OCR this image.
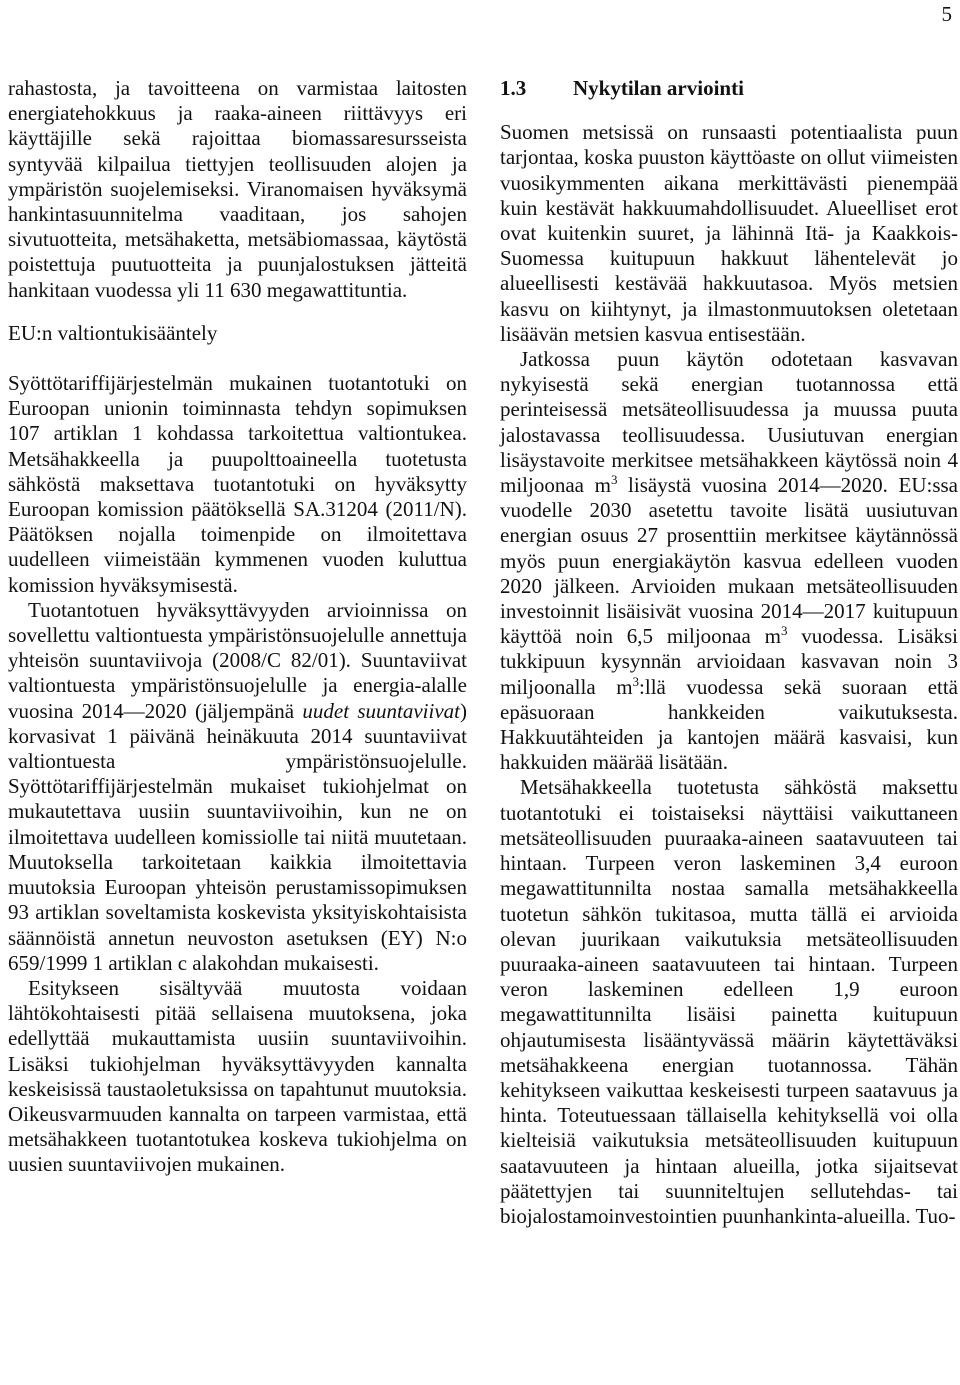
5

rahastosta, ja tavoitteena on varmistaa laitosten energiatehokkuus ja raaka-aineen riittävyys eri käyttäjille sekä rajoittaa biomassaresursseista syntyvää kilpailua tiettyjen teollisuuden alojen ja ympäristön suojelemiseksi. Viranomaisen hyväksymä hankintasuunnitelma vaaditaan, jos sahojen sivutuotteita, metsähaketta, metsäbiomassaa, käytöstä poistettuja puutuotteita ja puunjalostuksen jätteitä hankitaan vuodessa yli 11 630 megawattituntia.

EU:n valtiontukisääntely

Syöttötariffijärjestelmän mukainen tuotantotuki on Euroopan unionin toiminnasta tehdyn sopimuksen 107 artiklan 1 kohdassa tarkoitettua valtiontukea. Metsähakkeella ja puupolttoaineella tuotetusta sähköstä maksettava tuotantotuki on hyväksytty Euroopan komission päätöksellä SA.31204 (2011/N). Päätöksen nojalla toimenpide on ilmoitettava uudelleen viimeistään kymmenen vuoden kuluttua komission hyväksymisestä.

Tuotantotuen hyväksyttävyyden arvioinnissa on sovellettu valtiontuesta ympäristönsuojelulle annettuja yhteisön suuntaviivoja (2008/C 82/01). Suuntaviivat valtiontuesta ympäristönsuojelulle ja energia-alalle vuosina 2014—2020 (jäljempänä uudet suuntaviivat) korvasivat 1 päivänä heinäkuuta 2014 suuntaviivat valtiontuesta ympäristönsuojelulle. Syöttötariffijärjestelmän mukaiset tukiohjelmat on mukautettava uusiin suuntaviivoihin, kun ne on ilmoitettava uudelleen komissiolle tai niitä muutetaan. Muutoksella tarkoitetaan kaikkia ilmoitettavia muutoksia Euroopan yhteisön perustamissopimuksen 93 artiklan soveltamista koskevista yksityiskohtaisista säännöistä annetun neuvoston asetuksen (EY) N:o 659/1999 1 artiklan c alakohdan mukaisesti.

Esitykseen sisältyvää muutosta voidaan lähtökohtaisesti pitää sellaisena muutoksena, joka edellyttää mukauttamista uusiin suuntaviivoihin. Lisäksi tukiohjelman hyväksyttävyyden kannalta keskeisissä taustaoletuksissa on tapahtunut muutoksia. Oikeusvarmuuden kannalta on tarpeen varmistaa, että metsähakkeen tuotantotukea koskeva tukiohjelma on uusien suuntaviivojen mukainen.

1.3 Nykytilan arviointi

Suomen metsissä on runsaasti potentiaalista puun tarjontaa, koska puuston käyttöaste on ollut viimeisten vuosikymmenten aikana merkittävästi pienempää kuin kestävät hakkuumahdollisuudet. Alueelliset erot ovat kuitenkin suuret, ja lähinnä Itä- ja Kaakkois-Suomessa kuitupuun hakkuut lähentelevät jo alueellisesti kestävää hakkuutasoa. Myös metsien kasvu on kiihtynyt, ja ilmastonmuutoksen oletetaan lisäävän metsien kasvua entisestään.

Jatkossa puun käytön odotetaan kasvavan nykyisestä sekä energian tuotannossa että perinteisessä metsäteollisuudessa ja muussa puuta jalostavassa teollisuudessa. Uusiutuvan energian lisäystavoite merkitsee metsähakkeen käytössä noin 4 miljoonaa $m^3$ lisäystä vuosina 2014—2020. EU:ssa vuodelle 2030 asetettu tavoite lisätä uusiutuvan energian osuus 27 prosenttiin merkitsee käytännössä myös puun energiakäytön kasvua edelleen vuoden 2020 jälkeen. Arvioiden mukaan metsäteollisuuden investoinnit lisäisivät vuosina 2014—2017 kuitupuun käyttöä noin 6,5 miljoonaa $m^3$ vuodessa. Lisäksi tukkipuun kysynnän arvioidaan kasvavan noin 3 miljoonalla $m^3:llä$ vuodessa sekä suoraan että epäsuoraan hankkeiden vaikutuksesta. Hakkuutähteiden ja kantojen määrä kasvaisi, kun hakkuiden määrää lisätään.

Metsähakkeella tuotetusta sähköstä maksettu tuotantotuki ei toistaiseksi näyttäisi vaikuttaneen metsäteollisuuden puuraaka-aineen saatavuuteen tai hintaan. Turpeen veron laskeminen 3,4 euroon megawattitunnilta nostaa samalla metsähakkeella tuotetun sähkön tukitasoa, mutta tällä ei arvioida olevan juurikaan vaikutuksia metsäteollisuuden puuraaka-aineen saatavuuteen tai hintaan. Turpeen veron laskeminen edelleen 1,9 euroon megawattitunnilta lisäisi painetta kuitupuun ohjautumisesta lisääntyvässä määrin käytettäväksi metsähakkeena energian tuotannossa. Tähän kehitykseen vaikuttaa keskeisesti turpeen saatavuus ja hinta. Toteutuessaan tällaisella kehityksellä voi olla kielteisiä vaikutuksia metsäteollisuuden kuitupuun saatavuuteen ja hintaan alueilla, jotka sijaitsevat päätettyjen tai suunniteltujen sellutehdas- tai biojalostamoinvestointien puunhankinta-alueilla. Tuo-
